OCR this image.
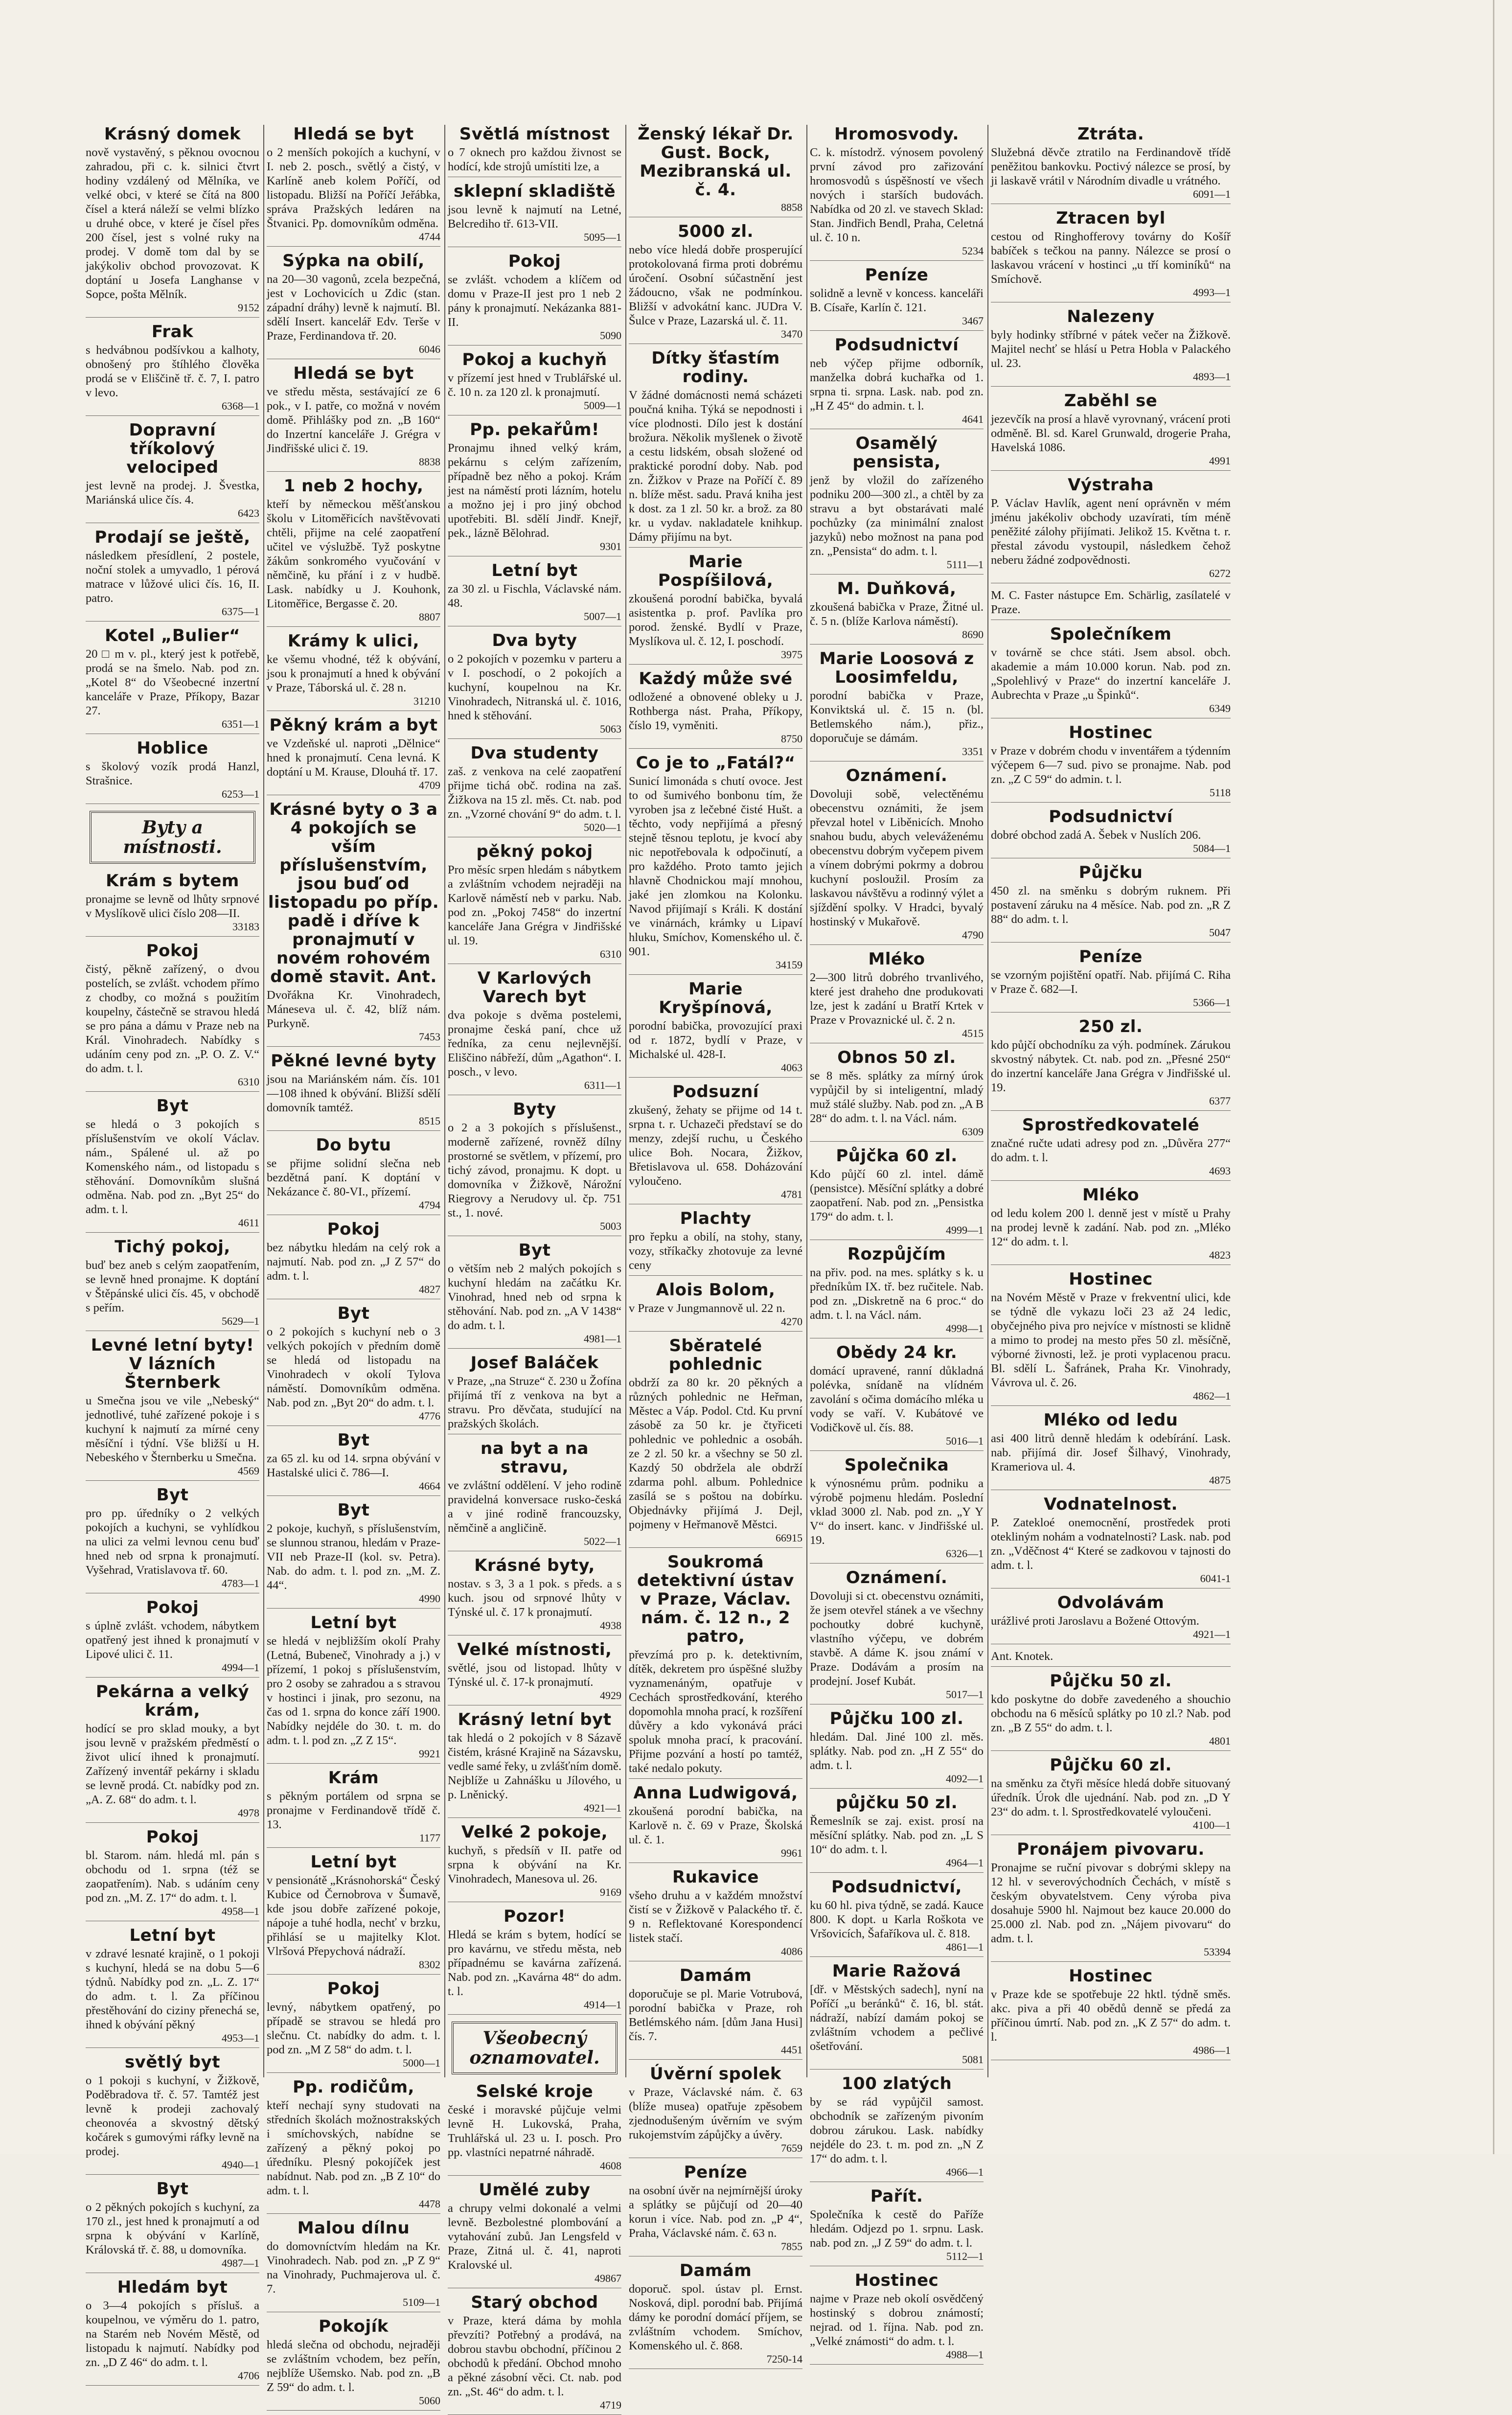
Krásný domek

nově vystavěný, s pěknou ovocnou zahradou, při c. k. silnici čtvrt hodiny vzdálený od Mělníka, ve velké obci, v které se čítá na 800 čísel a která náleží se velmi blízko u druhé obce, v které je čísel přes 200 čísel, jest s volné ruky na prodej. V domě tom dal by se jakýkoliv obchod provozovat. K doptání u Josefa Langhanse v Sopce, pošta Mělník.

9152
Frak

s hedvábnou podšívkou a kalhoty, obnošený pro štíhlého člověka prodá se v Eliščině tř. č. 7, I. patro v levo.

6368—1
Dopravní tříkolový velociped

jest levně na prodej. J. Švestka, Mariánská ulice čís. 4.

6423
Prodají se ještě,

následkem přesídlení, 2 postele, noční stolek a umyvadlo, 1 pérová matrace v lůžové ulici čís. 16, II. patro.

6375—1
Kotel „Bulier“

20 □ m v. pl., který jest k potřebě, prodá se na šmelo. Nab. pod zn. „Kotel 8“ do Všeobecné inzertní kanceláře v Praze, Příkopy, Bazar 27.

6351—1
Hoblice

s školový vozík prodá Hanzl, Strašnice.

6253—1
Byty a místnosti.
Krám s bytem

pronajme se levně od lhůty srpnové v Myslíkově ulici číslo 208—II.

33183
Pokoj

čistý, pěkně zařízený, o dvou postelích, se zvlášt. vchodem přímo z chodby, co možná s použitím koupelny, částečně se stravou hledá se pro pána a dámu v Praze neb na Král. Vinohradech. Nabídky s udáním ceny pod zn. „P. O. Z. V.“ do adm. t. l.

6310
Byt

se hledá o 3 pokojích s příslušenstvím ve okolí Václav. nám., Spálené ul. až po Komenského nám., od listopadu s stěhování. Domovníkům slušná odměna. Nab. pod zn. „Byt 25“ do adm. t. l.

4611
Tichý pokoj,

buď bez aneb s celým zaopatřením, se levně hned pronajme. K doptání v Štěpánské ulici čís. 45, v obchodě s peřím.

5629—1
Levné letní byty! V lázních Šternberk

u Smečna jsou ve vile „Nebeský“ jednotlivé, tuhé zařízené pokoje i s kuchyní k najmutí za mírné ceny měsíční i týdní. Vše bližší u H. Nebeského v Šternberku u Smečna.

4569
Byt

pro pp. úředníky o 2 velkých pokojích a kuchyni, se vyhlídkou na ulici za velmi levnou cenu buď hned neb od srpna k pronajmutí. Vyšehrad, Vratislavova tř. 60.

4783—1
Pokoj

s úplně zvlášt. vchodem, nábytkem opatřený jest ihned k pronajmutí v Lipové ulici č. 11.

4994—1
Pekárna a velký krám,

hodící se pro sklad mouky, a byt jsou levně v pražském předměstí o život ulicí ihned k pronajmutí. Zařízený inventář pekárny i skladu se levně prodá. Ct. nabídky pod zn. „A. Z. 68“ do adm. t. l.

4978
Pokoj

bl. Starom. nám. hledá ml. pán s obchodu od 1. srpna (též se zaopatřením). Nab. s udáním ceny pod zn. „M. Z. 17“ do adm. t. l.

4958—1
Letní byt

v zdravé lesnaté krajině, o 1 pokoji s kuchyní, hledá se na dobu 5—6 týdnů. Nabídky pod zn. „L. Z. 17“ do adm. t. l. Za příčinou přestěhování do ciziny přenechá se, ihned k obývání pěkný

4953—1
světlý byt

o 1 pokoji s kuchyní, v Žižkově, Poděbradova tř. č. 57. Tamtéž jest levně k prodeji zachovalý cheonovéa a skvostný dětský kočárek s gumovými ráfky levně na prodej.

4940—1
Byt

o 2 pěkných pokojích s kuchyní, za 170 zl., jest hned k pronajmutí a od srpna k obývání v Karlíně, Královská tř. č. 88, u domovníka.

4987—1
Hledám byt

o 3—4 pokojích s přísluš. a koupelnou, ve výměru do 1. patro, na Starém neb Novém Městě, od listopadu k najmutí. Nabídky pod zn. „D Z 46“ do adm. t. l.

4706
Hledá se byt

o 2 menších pokojích a kuchyní, v I. neb 2. posch., světlý a čistý, v Karlíně aneb kolem Poříčí, od listopadu. Bližší na Poříčí Jeřábka, správa Pražských ledáren na Štvanici. Pp. domovníkům odměna.

4744
Sýpka na obilí,

na 20—30 vagonů, zcela bezpečná, jest v Lochovicích u Zdic (stan. západní dráhy) levně k najmutí. Bl. sdělí Insert. kancelář Edv. Terše v Praze, Ferdinandova tř. 20.

6046
Hledá se byt

ve středu města, sestávající ze 6 pok., v I. patře, co možná v novém domě. Přihlášky pod zn. „B 160“ do Inzertní kanceláře J. Grégra v Jindřišské ulici č. 19.

8838
1 neb 2 hochy,

kteří by německou měšťanskou školu v Litoměřicích navštěvovati chtěli, přijme na celé zaopatření učitel ve výslužbě. Tyž poskytne žákům sonkromého vyučování v němčině, ku přání i z v hudbě. Lask. nabídky u J. Kouhonk, Litoměřice, Bergasse č. 20.

8807
Krámy k ulici,

ke všemu vhodné, též k obývání, jsou k pronajmutí a hned k obývání v Praze, Táborská ul. č. 28 n.

31210
Pěkný krám a byt

ve Vzdeňské ul. naproti „Dělnice“ hned k pronajmutí. Cena levná. K doptání u M. Krause, Dlouhá tř. 17.

4709
Krásné byty o 3 a 4 pokojích se vším příslušenstvím, jsou buď od listopadu po příp. padě i dříve k pronajmutí v novém rohovém domě stavit. Ant.

Dvořákna Kr. Vinohradech, Máneseva ul. č. 42, blíž nám. Purkyně.

7453
Pěkné levné byty

jsou na Mariánském nám. čís. 101—108 ihned k obývání. Bližší sdělí domovník tamtéž.

8515
Do bytu

se přijme solidní slečna neb bezdětná paní. K doptání v Nekázance č. 80-VI., přízemí.

4794
Pokoj

bez nábytku hledám na celý rok a najmutí. Nab. pod zn. „J Z 57“ do adm. t. l.

4827
Byt

o 2 pokojích s kuchyní neb o 3 velkých pokojích v předním domě se hledá od listopadu na Vinohradech v okolí Tylova náměstí. Domovníkům odměna. Nab. pod zn. „Byt 20“ do adm. t. l.

4776
Byt

za 65 zl. ku od 14. srpna obývání v Hastalské ulici č. 786—I.

4664
Byt

2 pokoje, kuchyň, s příslušenstvím, se slunnou stranou, hledám v Praze-VII neb Praze-II (kol. sv. Petra). Nab. do adm. t. l. pod zn. „M. Z. 44“.

4990
Letní byt

se hledá v nejbližším okolí Prahy (Letná, Bubeneč, Vinohrady a j.) v přízemí, 1 pokoj s příslušenstvím, pro 2 osoby se zahradou a s stravou v hostinci i jinak, pro sezonu, na čas od 1. srpna do konce září 1900. Nabídky nejdéle do 30. t. m. do adm. t. l. pod zn. „Z Z 15“.

9921
Krám

s pěkným portálem od srpna se pronajme v Ferdinandově třídě č. 13.

1177
Letní byt

v pensionátě „Krásnohorská“ Český Kubice od Černobrova v Šumavě, kde jsou dobře zařízené pokoje, nápoje a tuhé hodla, nechť v brzku, přihlásí se u majitelky Klot. Vlršová Přepychová nádraží.

8302
Pokoj

levný, nábytkem opatřený, po případě se stravou se hledá pro slečnu. Ct. nabídky do adm. t. l. pod zn. „M Z 58“ do adm. t. l.

5000—1
Pp. rodičům,

kteří nechají syny studovati na středních školách možnostrakských i smíchovských, nabídne se zařízený a pěkný pokoj po úředníku. Plesný pokojíček jest nabídnut. Nab. pod zn. „B Z 10“ do adm. t. l.

4478
Malou dílnu

do domovníctvím hledám na Kr. Vinohradech. Nab. pod zn. „P Z 9“ na Vinohrady, Puchmajerova ul. č. 7.

5109—1
Pokojík

hledá slečna od obchodu, nejraději se zvláštním vchodem, bez peřín, nejblíže Ušemsko. Nab. pod zn. „B Z 59“ do adm. t. l.

5060
Světlá místnost

o 7 oknech pro každou živnost se hodící, kde strojů umístiti lze, a

sklepní skladiště

jsou levně k najmutí na Letné, Belcrediho tř. 613-VII.

5095—1
Pokoj

se zvlášt. vchodem a klíčem od domu v Praze-II jest pro 1 neb 2 pány k pronajmutí. Nekázanka 881-II.

5090
Pokoj a kuchyň

v přízemí jest hned v Trublářské ul. č. 10 n. za 120 zl. k pronajmutí.

5009—1
Pp. pekařům!

Pronajmu ihned velký krám, pekárnu s celým zařízením, případně bez něho a pokoj. Krám jest na náměstí proti lázním, hotelu a možno jej i pro jiný obchod upotřebiti. Bl. sdělí Jindř. Knejř, pek., lázně Bělohrad.

9301
Letní byt

za 30 zl. u Fischla, Václavské nám. 48.

5007—1
Dva byty

o 2 pokojích v pozemku v parteru a v I. poschodí, o 2 pokojích a kuchyní, koupelnou na Kr. Vinohradech, Nitranská ul. č. 1016, hned k stěhování.

5063
Dva studenty

zaš. z venkova na celé zaopatření přijme tichá obč. rodina na zaš. Žižkova na 15 zl. měs. Ct. nab. pod zn. „Vzorné chování 9“ do adm. t. l.

5020—1
pěkný pokoj

Pro měsíc srpen hledám s nábytkem a zvláštním vchodem nejraději na Karlově náměstí neb v parku. Nab. pod zn. „Pokoj 7458“ do inzertní kanceláře Jana Grégra v Jindřišské ul. 19.

6310
V Karlových Varech byt

dva pokoje s dvěma postelemi, pronajme česká paní, chce už ředníka, za cenu nejlevnější. Eliščino nábřeží, dům „Agathon“. I. posch., v levo.

6311—1
Byty

o 2 a 3 pokojích s příslušenst., moderně zařízené, rovněž dílny prostorné se světlem, v přízemí, pro tichý závod, pronajmu. K dopt. u domovníka v Žižkově, Nárožní Riegrovy a Nerudovy ul. čp. 751 st., 1. nové.

5003
Byt

o větším neb 2 malých pokojích s kuchyní hledám na začátku Kr. Vinohrad, hned neb od srpna k stěhování. Nab. pod zn. „A V 1438“ do adm. t. l.

4981—1
Josef Baláček

v Praze, „na Struze“ č. 230 u Žofína přijímá tří z venkova na byt a stravu. Pro děvčata, studující na pražských školách.

na byt a na stravu,

ve zvláštní oddělení. V jeho rodině pravidelná konversace rusko-česká a v jiné rodině francouzsky, němčině a angličině.

5022—1
Krásné byty,

nostav. s 3, 3 a 1 pok. s předs. a s kuch. jsou od srpnové lhůty v Týnské ul. č. 17 k pronajmutí.

4938
Velké místnosti,

světlé, jsou od listopad. lhůty v Týnské ul. č. 17-k pronajmutí.

4929
Krásný letní byt

tak hledá o 2 pokojích v 8 Sázavě čistém, krásné Krajině na Sázavsku, vedle samé řeky, u zvlášťním domě. Nejblíže u Zahnášku u Jílového, u p. Lněnický.

4921—1
Velké 2 pokoje,

kuchyň, s předsíň v II. patře od srpna k obývání na Kr. Vinohradech, Manesova ul. 26.

9169
Pozor!

Hledá se krám s bytem, hodící se pro kavárnu, ve středu města, neb případnému se kavárna zařízená. Nab. pod zn. „Kavárna 48“ do adm. t. l.

4914—1
Všeobecný oznamovatel.
Selské kroje

české i moravské půjčuje velmi levně H. Lukovská, Praha, Truhlářská ul. 23 u. I. posch. Pro pp. vlastníci nepatrné náhradě.

4608
Umělé zuby

a chrupy velmi dokonalé a velmi levně. Bezbolestné plombování a vytahování zubů. Jan Lengsfeld v Praze, Zitná ul. č. 41, naproti Kralovské ul.

49867
Starý obchod

v Praze, která dáma by mohla převzíti? Potřebný a prodává, na dobrou stavbu obchodní, příčinou 2 obchodů k předání. Obchod mnoho a pěkné zásobní věci. Ct. nab. pod zn. „St. 46“ do adm. t. l.

4719
Ženský lékař Dr. Gust. Bock, Mezibranská ul. č. 4.
8858
5000 zl.

nebo více hledá dobře prosperující protokolovaná firma proti dobrému úročení. Osobní súčastnění jest žádoucno, však ne podmínkou. Bližší v advokátní kanc. JUDra V. Šulce v Praze, Lazarská ul. č. 11.

3470
Dítky šťastím rodiny.

V žádné domácnosti nemá scházeti poučná kniha. Týká se nepodnosti i více plodnosti. Dílo jest k dostání brožura. Několik myšlenek o životě a cestu lidském, obsah složené od praktické porodní doby. Nab. pod zn. Žižkov v Praze na Poříčí č. 89 n. blíže měst. sadu. Pravá kniha jest k dost. za 1 zl. 50 kr. a brož. za 80 kr. u vydav. nakladatele knihkup. Dámy přijímu na byt.

Marie Pospíšilová,

zkoušená porodní babička, byvalá asistentka p. prof. Pavlíka pro porod. ženské. Bydlí v Praze, Myslíkova ul. č. 12, I. poschodí.

3975
Každý může své

odložené a obnovené obleky u J. Rothberga nást. Praha, Příkopy, číslo 19, vyměniti.

8750
Co je to „Fatál?“

Sunicí limonáda s chutí ovoce. Jest to od šumivého bonbonu tím, že vyroben jsa z lečebné čisté Hušt. a těchto, vody nepřijímá a přesný stejně těsnou teplotu, je kvocí aby nic nepotřebovala k odpočinutí, a pro každého. Proto tamto jejich hlavně Chodnickou mají mnohou, jaké jen zlomkou na Kolonku. Navod přijímají s Králi. K dostání ve vinárnách, krámky u Lipaví hluku, Smíchov, Komenského ul. č. 901.

34159
Marie Kryšpínová,

porodní babička, provozující praxi od r. 1872, bydlí v Praze, v Michalské ul. 428-I.

4063
Podsuzní

zkušený, žehaty se přijme od 14 t. srpna t. r. Uchazeči představí se do menzy, zdejší ruchu, u Českého ulice Boh. Nocara, Žižkov, Břetislavova ul. 658. Doházování vyloučeno.

4781
Plachty

pro řepku a obilí, na stohy, stany, vozy, stříkačky zhotovuje za levné ceny

Alois Bolom,

v Praze v Jungmannově ul. 22 n.

4270
Sběratelé pohlednic

obdrží za 80 kr. 20 pěkných a různých pohlednic ne Heřman, Městec a Váp. Podol. Ctd. Ku první zásobě za 50 kr. je čtyřiceti pohlednic ve pohlednic a osobáh. ze 2 zl. 50 kr. a všechny se 50 zl. Kazdý 50 obdržela ale obdrží zdarma pohl. album. Pohlednice zasílá se s poštou na dobírku. Objednávky přijímá J. Dejl, pojmeny v Heřmanově Městci.

66915
Soukromá detektivní ústav v Praze, Václav. nám. č. 12 n., 2 patro,

převzímá pro p. k. detektivním, dítěk, dekretem pro úspěšné služby vyznamenáným, opatřuje v Cechách sprostředkování, kterého dopomohla mnoha prací, k rozšíření důvěry a kdo vykonává práci spoluk mnoha prací, k pracování. Přijme pozvání a hostí po tamtéž, také nedalo pokuty.

Anna Ludwigová,

zkoušená porodní babička, na Karlově n. č. 69 v Praze, Školská ul. č. 1.

9961
Rukavice

všeho druhu a v každém množství čistí se v Žižkově v Palackého tř. č. 9 n. Reflektované Korespondencí listek stačí.

4086
Damám

doporučuje se pl. Marie Votrubová, porodní babička v Praze, roh Betlémského nám. [dům Jana Husi] čís. 7.

4451
Úvěrní spolek

v Praze, Václavské nám. č. 63 (blíže musea) opatřuje zpěsobem zjednodušeným úvěrním ve svým rukojemstvím zápůjčky a úvěry.

7659
Peníze

na osobní úvěr na nejmírnější úroky a splátky se půjčují od 20—40 korun i více. Nab. pod zn. „P 4“, Praha, Václavské nám. č. 63 n.

7855
Damám

doporuč. spol. ústav pl. Ernst. Nosková, dipl. porodní bab. Přijímá dámy ke porodní domácí příjem, se zvláštním vchodem. Smíchov, Komenského ul. č. 868.

7250-14
Hromosvody.

C. k. místodrž. výnosem povolený první závod pro zařizování hromosvodů s úspěšností ve všech nových i starších budovách. Nabídka od 20 zl. ve stavech Sklad: Stan. Jindřich Bendl, Praha, Celetná ul. č. 10 n.

5234
Peníze

solidně a levně v koncess. kanceláři B. Císaře, Karlín č. 121.

3467
Podsudnictví

neb výčep přijme odborník, manželka dobrá kuchařka od 1. srpna ti. srpna. Lask. nab. pod zn. „H Z 45“ do admin. t. l.

4641
Osamělý pensista,

jenž by vložil do zařízeného podniku 200—300 zl., a chtěl by za stravu a byt obstarávati malé pochůzky (za minimální znalost jazyků) nebo možnost na pana pod zn. „Pensista“ do adm. t. l.

5111—1
M. Duňková,

zkoušená babička v Praze, Žitné ul. č. 5 n. (blíže Karlova náměstí).

8690
Marie Loosová z Loosimfeldu,

porodní babička v Praze, Konviktská ul. č. 15 n. (bl. Betlemského nám.), přiz., doporučuje se dámám.

3351
Oznámení.

Dovoluji sobě, velectěnému obecenstvu oznámiti, že jsem převzal hotel v Liběnicích. Mnoho snahou budu, abych veleváženému obecenstvu dobrým vyčepem pivem a vínem dobrými pokrmy a dobrou kuchyní posloužil. Prosím za laskavou návštěvu a rodinný výlet a sjíždění spolky. V Hradci, byvalý hostinský v Mukařově.

4790
Mléko

2—300 litrů dobrého trvanlivého, které jest draheho dne produkovati lze, jest k zadání u Bratří Krtek v Praze v Provaznické ul. č. 2 n.

4515
Obnos 50 zl.

se 8 měs. splátky za mírný úrok vypůjčil by si inteligentní, mladý muž stálé služby. Nab. pod zn. „A B 28“ do adm. t. l. na Václ. nám.

6309
Půjčka 60 zl.

Kdo půjčí 60 zl. intel. dámě (pensistce). Měsíční splátky a dobré zaopatření. Nab. pod zn. „Pensistka 179“ do adm. t. l.

4999—1
Rozpůjčím

na přiv. pod. na mes. splátky s k. u předníkům IX. tř. bez ručitele. Nab. pod zn. „Diskretně na 6 proc.“ do adm. t. l. na Václ. nám.

4998—1
Obědy 24 kr.

domácí upravené, ranní důkladná polévka, snídaně na vlídném zavolání s očima domácího mléka u vody se vaří. V. Kubátové ve Vodičkově ul. čís. 88.

5016—1
Společnika

k výnosnému prům. podniku a výrobě pojmenu hledám. Poslední vklad 3000 zl. Nab. pod zn. „Y Y V“ do insert. kanc. v Jindřišské ul. 19.

6326—1
Oznámení.

Dovoluji si ct. obecenstvu oznámiti, že jsem otevřel stánek a ve všechny pochoutky dobré kuchyně, vlastního výčepu, ve dobrém stavbě. A dáme K. jsou známí v Praze. Dodávám a prosím na prodejní. Josef Kubát.

5017—1
Půjčku 100 zl.

hledám. Dal. Jiné 100 zl. měs. splátky. Nab. pod zn. „H Z 55“ do adm. t. l.

4092—1
půjčku 50 zl.

Řemeslník se zaj. exist. prosí na měsíční splátky. Nab. pod zn. „L S 10“ do adm. t. l.

4964—1
Podsudnictví,

ku 60 hl. piva týdně, se zadá. Kauce 800. K dopt. u Karla Roškota ve Vršovicích, Šafaříkova ul. č. 818.

4861—1
Marie Ražová

[dř. v Městských sadech], nyní na Poříčí „u beránků“ č. 16, bl. stát. nádraží, nabízí damám pokoj se zvláštním vchodem a pečlivé ošetřování.

5081
100 zlatých

by se rád vypůjčil samost. obchodník se zařízeným pivoním dobrou zárukou. Lask. nabídky nejdéle do 23. t. m. pod zn. „N Z 17“ do adm. t. l.

4966—1
Pařít.

Společníka k cestě do Paříže hledám. Odjezd po 1. srpnu. Lask. nab. pod zn. „J Z 59“ do adm. t. l.

5112—1
Hostinec

najme v Praze neb okolí osvědčený hostinský s dobrou známostí; nejrad. od 1. října. Nab. pod zn. „Velké známosti“ do adm. t. l.

4988—1
Ztráta.

Služebná děvče ztratilo na Ferdinandově třídě peněžitou bankovku. Poctivý nálezce se prosí, by ji laskavě vrátil v Národním divadle u vrátného.

6091—1
Ztracen byl

cestou od Ringhofferovy továrny do Košíř babíček s tečkou na panny. Nálezce se prosí o laskavou vrácení v hostinci „u tří kominíků“ na Smíchově.

4993—1
Nalezeny

byly hodinky stříbrné v pátek večer na Žižkově. Majitel nechť se hlásí u Petra Hobla v Palackého ul. 23.

4893—1
Zaběhl se

jezevčík na prosí a hlavě vyrovnaný, vrácení proti odměně. Bl. sd. Karel Grunwald, drogerie Praha, Havelská 1086.

4991
Výstraha

P. Václav Havlík, agent není oprávněn v mém jménu jakékoliv obchody uzavírati, tím méně peněžité zálohy přijímati. Jelikož 15. Května t. r. přestal závodu vystoupil, následkem čehož neberu žádné zodpovědnosti.

6272

M. C. Faster nástupce Em. Schärlig, zasílatelé v Praze.

Společníkem

v továrně se chce státi. Jsem absol. obch. akademie a mám 10.000 korun. Nab. pod zn. „Spolehlivý v Praze“ do inzertní kanceláře J. Aubrechta v Praze „u Špinků“.

6349
Hostinec

v Praze v dobrém chodu v inventářem a týdenním výčepem 6—7 sud. pivo se pronajme. Nab. pod zn. „Z C 59“ do admin. t. l.

5118
Podsudnictví

dobré obchod zadá A. Šebek v Nuslích 206.

5084—1
Půjčku

450 zl. na směnku s dobrým ruknem. Při postavení záruku na 4 měsíce. Nab. pod zn. „R Z 88“ do adm. t. l.

5047
Peníze

se vzorným pojištění opatří. Nab. přijímá C. Riha v Praze č. 682—I.

5366—1
250 zl.

kdo půjčí obchodníku za výh. podmínek. Zárukou skvostný nábytek. Ct. nab. pod zn. „Přesné 250“ do inzertní kanceláře Jana Grégra v Jindřišské ul. 19.

6377
Sprostředkovatelé

značné ručte udati adresy pod zn. „Důvěra 277“ do adm. t. l.

4693
Mléko

od ledu kolem 200 l. denně jest v místě u Prahy na prodej levně k zadání. Nab. pod zn. „Mléko 12“ do adm. t. l.

4823
Hostinec

na Novém Městě v Praze v frekventní ulici, kde se týdně dle vykazu loči 23 až 24 ledic, obyčejného piva pro nejvíce v místnosti se klidně a mimo to prodej na mesto přes 50 zl. měsíčně, výborné živnosti, lež. je proti vyplacenou pracu. Bl. sdělí L. Šafránek, Praha Kr. Vinohrady, Vávrova ul. č. 26.

4862—1
Mléko od ledu

asi 400 litrů denně hledám k odebírání. Lask. nab. přijímá dir. Josef Šilhavý, Vinohrady, Krameriova ul. 4.

4875
Vodnatelnost.

P. Zatekloé onemocnění, prostředek proti otekliným nohám a vodnatelnosti? Lask. nab. pod zn. „Vděčnost 4“ Které se zadkovou v tajnosti do adm. t. l.

6041-1
Odvolávám

urážlivé proti Jaroslavu a Božené Ottovým.

4921—1

Ant. Knotek.

Půjčku 50 zl.

kdo poskytne do dobře zavedeného a shouchio obchodu na 6 měsíců splátky po 10 zl.? Nab. pod zn. „B Z 55“ do adm. t. l.

4801
Půjčku 60 zl.

na směnku za čtyři měsíce hledá dobře situovaný úředník. Úrok dle ujednání. Nab. pod zn. „D Y 23“ do adm. t. l. Sprostředkovatelé vyloučeni.

4100—1
Pronájem pivovaru.

Pronajme se ruční pivovar s dobrými sklepy na 12 hl. v severovýchodních Čechách, v místě s českým obyvatelstvem. Ceny výroba piva dosahuje 5900 hl. Najmout bez kauce 20.000 do 25.000 zl. Nab. pod zn. „Nájem pivovaru“ do adm. t. l.

53394
Hostinec

v Praze kde se spotřebuje 22 hktl. týdně směs. akc. piva a při 40 obědů denně se předá za příčinou úmrtí. Nab. pod zn. „K Z 57“ do adm. t. l.

4986—1
